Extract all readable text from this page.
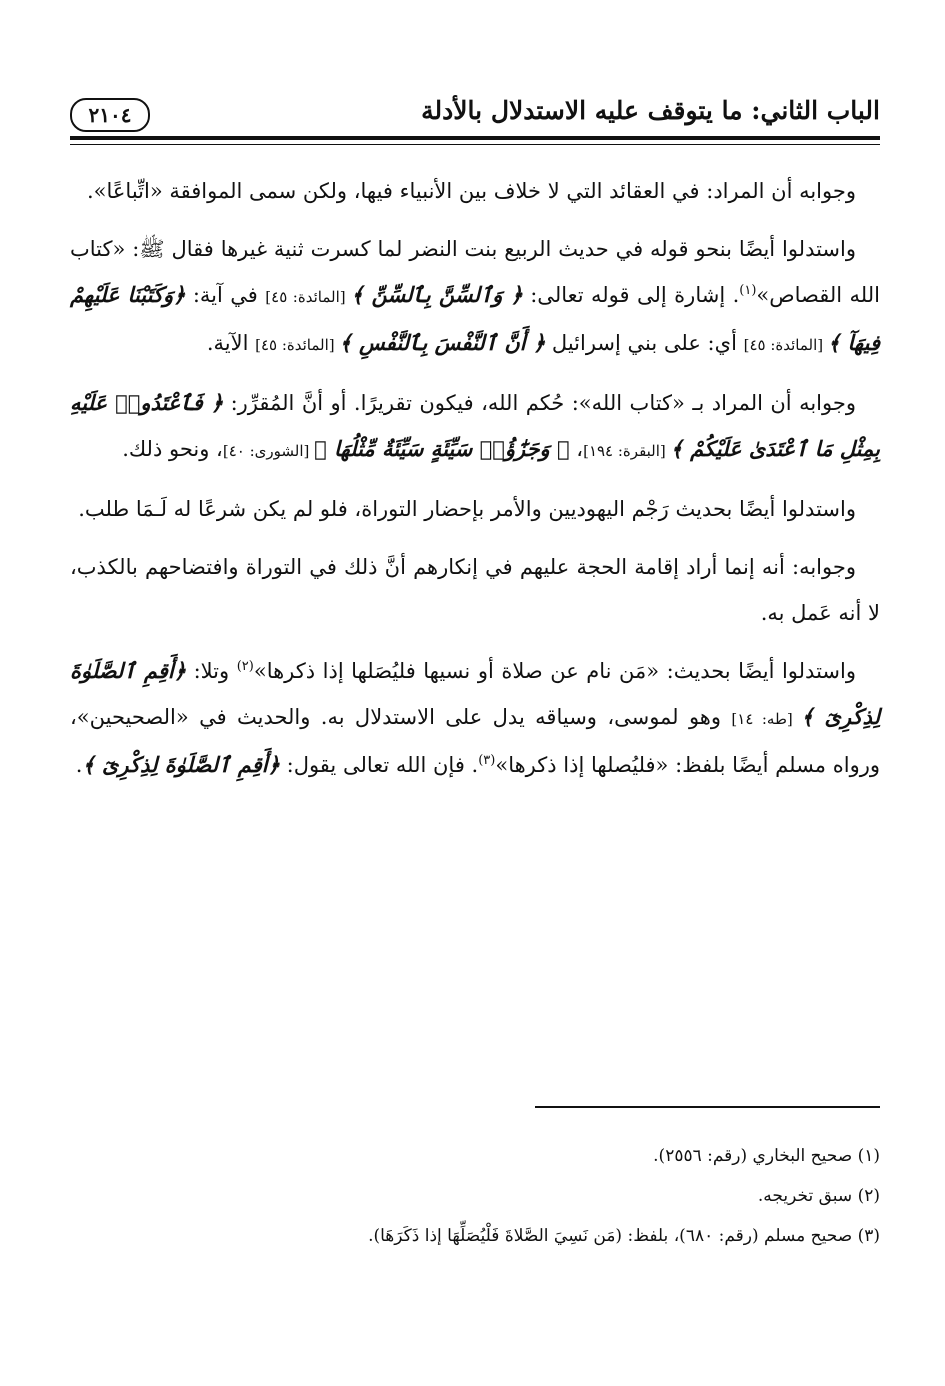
الباب الثاني: ما يتوقف عليه الاستدلال بالأدلة
٢١٠٤

وجوابه أن المراد: في العقائد التي لا خلاف بين الأنبياء فيها، ولكن سمى الموافقة «اتِّباعًا».

واستدلوا أيضًا بنحو قوله في حديث الربيع بنت النضر لما كسرت ثنية غيرها فقال ﷺ: «كتاب الله القصاص»$^{(١)}$. إشارة إلى قوله تعالى: ﴿ وَٱلسِّنَّ بِٱلسِّنِّ ﴾ [المائدة: ٤٥] في آية: ﴿وَكَتَبْنَا عَلَيْهِمْ فِيهَآ ﴾ [المائدة: ٤٥] أي: على بني إسرائيل ﴿ أَنَّ ٱلنَّفْسَ بِٱلنَّفْسِ ﴾ [المائدة: ٤٥] الآية.

وجوابه أن المراد بـ «كتاب الله»: حُكم الله، فيكون تقريرًا. أو أنَّ المُقرِّر: ﴿ فَٱعْتَدُوا۟ عَلَيْهِ بِمِثْلِ مَا ٱعْتَدَىٰ عَلَيْكُمْ ﴾ [البقرة: ١٩٤]، ﴿ وَجَزَٰٓؤُا۟ سَيِّئَةٍ سَيِّئَةٌ مِّثْلُهَا ﴾ [الشورى: ٤٠]، ونحو ذلك.

واستدلوا أيضًا بحديث رَجْم اليهوديين والأمر بإحضار التوراة، فلو لم يكن شرعًا له لَـمَا طلب.

وجوابه: أنه إنما أراد إقامة الحجة عليهم في إنكارهم أنَّ ذلك في التوراة وافتضاحهم بالكذب، لا أنه عَمل به.

واستدلوا أيضًا بحديث: «مَن نام عن صلاة أو نسيها فليُصَلها إذا ذكرها»$^{(٢)}$ وتلا: ﴿أَقِمِ ٱلصَّلَوٰةَ لِذِكْرِىٓ ﴾ [طه: ١٤] وهو لموسى، وسياقه يدل على الاستدلال به. والحديث في «الصحيحين»، ورواه مسلم أيضًا بلفظ: «فليُصلها إذا ذكرها»$^{(٣)}$. فإن الله تعالى يقول: ﴿أَقِمِ ٱلصَّلَوٰةَ لِذِكْرِىٓ ﴾.

(١) صحيح البخاري (رقم: ٢٥٥٦).
(٢) سبق تخريجه.
(٣) صحيح مسلم (رقم: ٦٨٠)، بلفظ: (مَن نَسِيَ الصَّلاةَ فَلْيُصَلِّهَا إذا ذَكَرَهَا).
